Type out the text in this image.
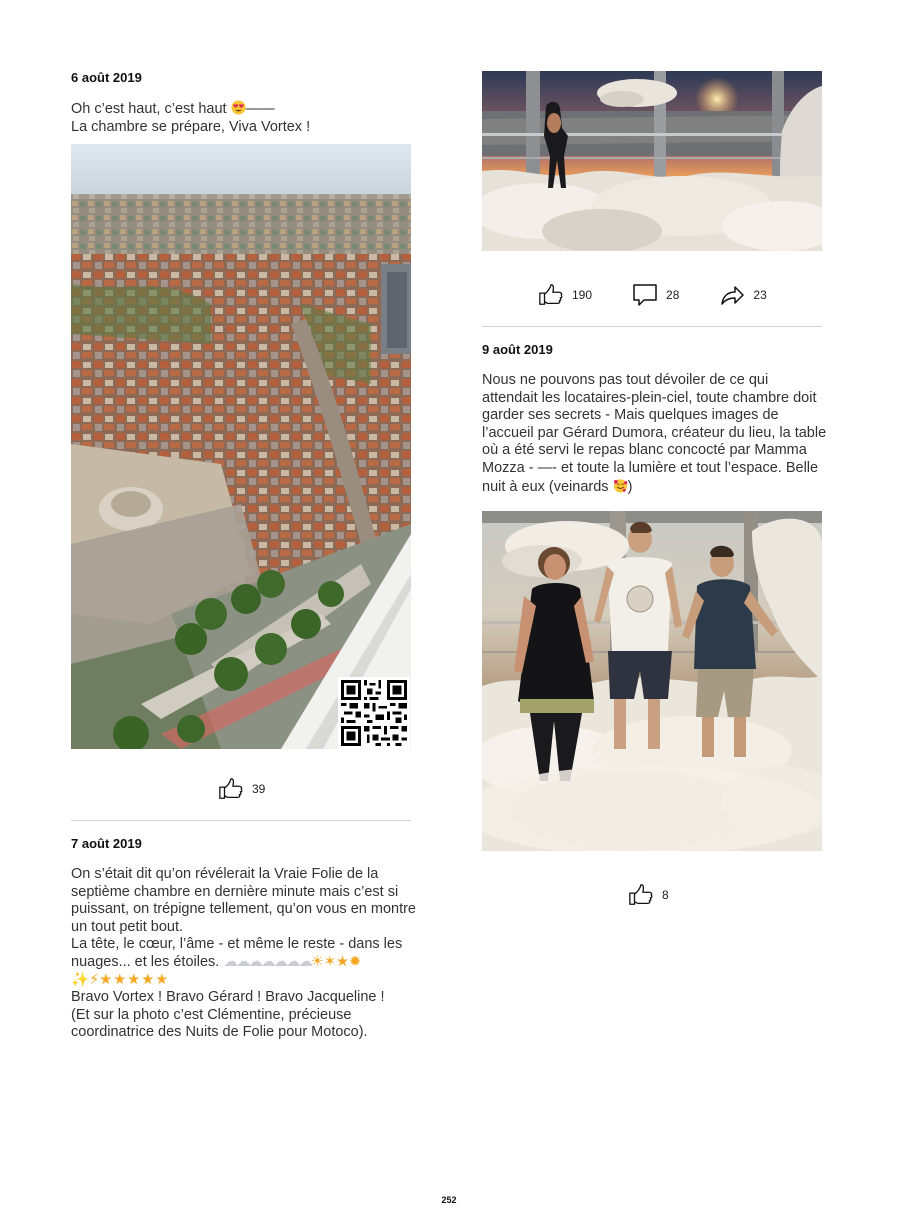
6 août 2019

Oh c’est haut, c’est haut ——
La chambre se prépare, Viva Vortex !

39

7 août 2019

On s’était dit qu’on révélerait la Vraie Folie de la septième chambre en dernière minute mais c’est si puissant, on trépigne tellement, qu’on vous en montre un tout petit bout.
La tête, le cœur, l’âme - et même le reste - dans les nuages... et les étoiles. ☁☁☁☁☁☁☁☀✶★✹
✨⚡★★★★★
Bravo Vortex ! Bravo Gérard ! Bravo Jacqueline !
(Et sur la photo c’est Clémentine, précieuse coordinatrice des Nuits de Folie pour Motoco).

190	28	23

9 août 2019

Nous ne pouvons pas tout dévoiler de ce qui attendait les locataires-plein-ciel, toute chambre doit garder ses secrets - Mais quelques images de l’accueil par Gérard Dumora, créateur du lieu, la table où a été servi le repas blanc concocté par Mamma Mozza - —- et toute la lumière et tout l’espace. Belle nuit à eux (veinards )

8
252
